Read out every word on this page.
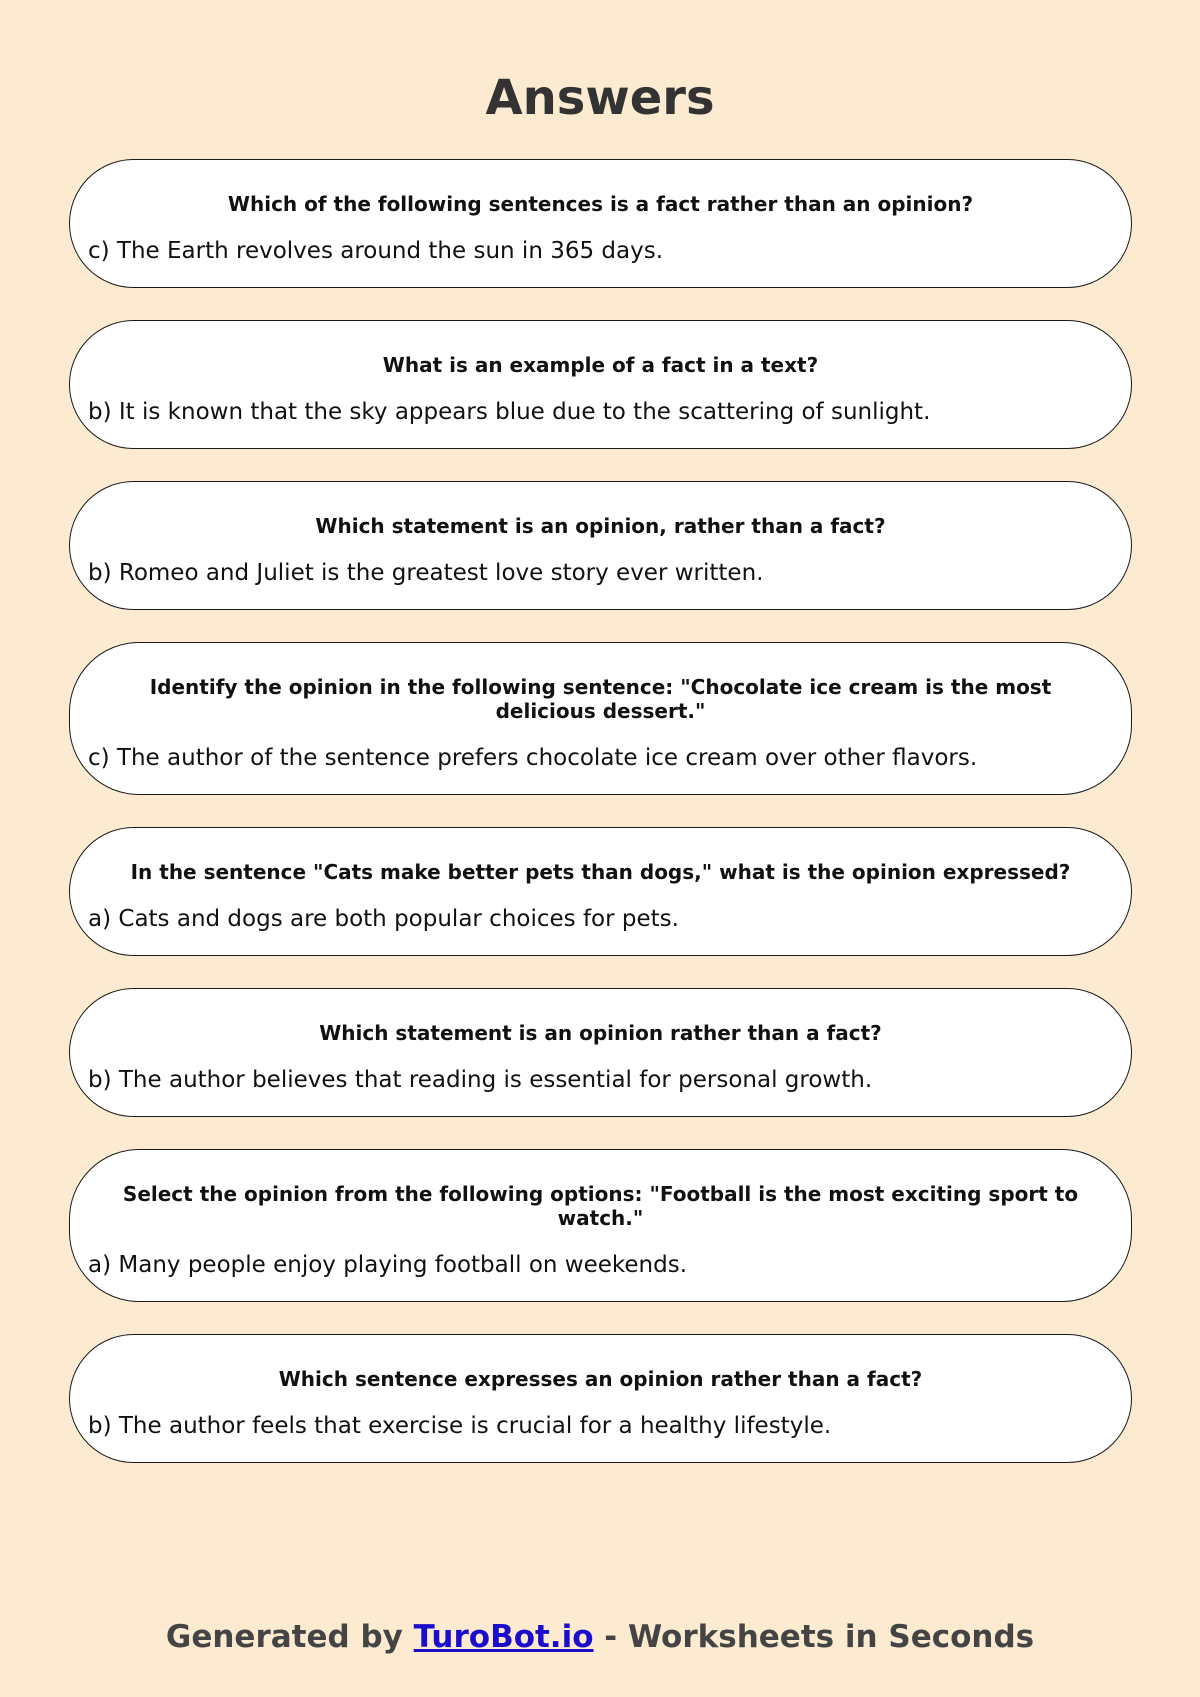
Answers
Which of the following sentences is a fact rather than an opinion?
c) The Earth revolves around the sun in 365 days.
What is an example of a fact in a text?
b) It is known that the sky appears blue due to the scattering of sunlight.
Which statement is an opinion, rather than a fact?
b) Romeo and Juliet is the greatest love story ever written.
Identify the opinion in the following sentence: "Chocolate ice cream is the most delicious dessert."
c) The author of the sentence prefers chocolate ice cream over other flavors.
In the sentence "Cats make better pets than dogs," what is the opinion expressed?
a) Cats and dogs are both popular choices for pets.
Which statement is an opinion rather than a fact?
b) The author believes that reading is essential for personal growth.
Select the opinion from the following options: "Football is the most exciting sport to watch."
a) Many people enjoy playing football on weekends.
Which sentence expresses an opinion rather than a fact?
b) The author feels that exercise is crucial for a healthy lifestyle.
Generated by TuroBot.io - Worksheets in Seconds
